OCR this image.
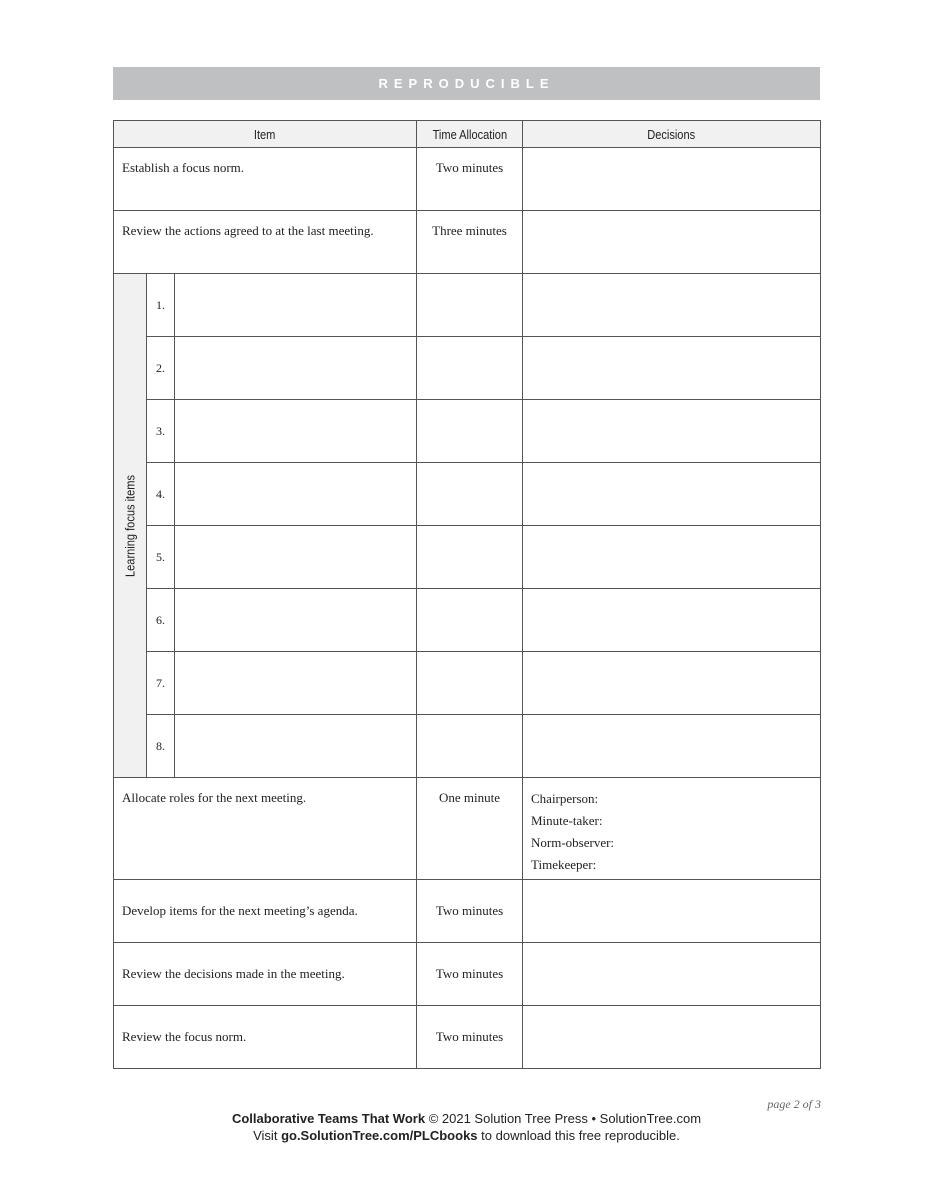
REPRODUCIBLE
Item			Time Allocation	Decisions
Establish a focus norm.			Two minutes	
Review the actions agreed to at the last meeting.			Three minutes	

Learning focus items	1.			
	2.			
	3.			
	4.			
	5.			
	6.			
	7.			
	8.			
Allocate roles for the next meeting.			One minute	Chairperson:
Minute-taker:
Norm-observer:
Timekeeper:

Develop items for the next meeting’s agenda.			Two minutes	
Review the decisions made in the meeting.			Two minutes	
Review the focus norm.			Two minutes	
page 2 of 3
Collaborative Teams That Work © 2021 Solution Tree Press • SolutionTree.com
Visit go.SolutionTree.com/PLCbooks to download this free reproducible.
